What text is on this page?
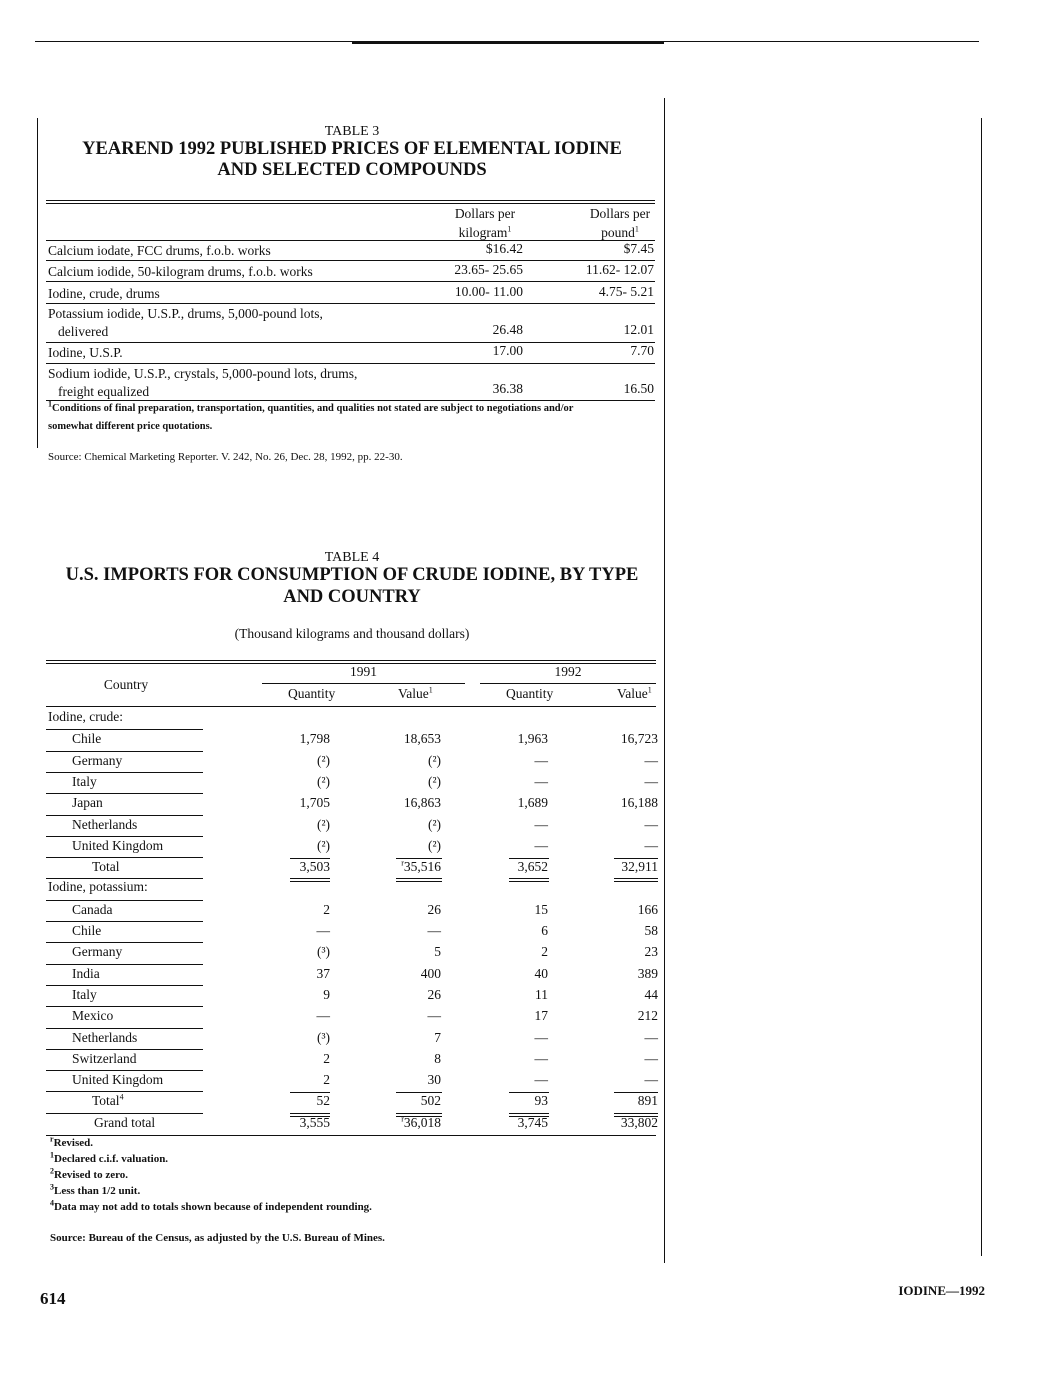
TABLE 3
YEAREND 1992 PUBLISHED PRICES OF ELEMENTAL IODINE
AND SELECTED COMPOUNDS
Dollars per
kilogram$^1$
Dollars per
pound$^1$
Calcium iodate, FCC drums, f.o.b. works	$16.42	$7.45
Calcium iodide, 50-kilogram drums, f.o.b. works	23.65- 25.65	11.62- 12.07
Iodine, crude, drums	10.00- 11.00	4.75- 5.21
Potassium iodide, U.S.P., drums, 5,000-pound lots,
delivered	26.48	12.01
Iodine, U.S.P.	17.00	7.70
Sodium iodide, U.S.P., crystals, 5,000-pound lots, drums,
freight equalized	36.38	16.50
$^1$Conditions of final preparation, transportation, quantities, and qualities not stated are subject to negotiations and/or
somewhat different price quotations.
Source: Chemical Marketing Reporter. V. 242, No. 26, Dec. 28, 1992, pp. 22-30.
TABLE 4
U.S. IMPORTS FOR CONSUMPTION OF CRUDE IODINE, BY TYPE
AND COUNTRY
(Thousand kilograms and thousand dollars)
Country
1991	1992
Quantity	Value$^1$	Quantity	Value$^1$
Iodine, crude:
Chile	1,798	18,653	1,963	16,723
Germany	(²)	(²)	—	—
Italy	(²)	(²)	—	—
Japan	1,705	16,863	1,689	16,188
Netherlands	(²)	(²)	—	—
United Kingdom	(²)	(²)	—	—
Total	3,503	$^r$35,516	3,652	32,911
Iodine, potassium:
Canada	2	26	15	166
Chile	—	—	6	58
Germany	(³)	5	2	23
India	37	400	40	389
Italy	9	26	11	44
Mexico	—	—	17	212
Netherlands	(³)	7	—	—
Switzerland	2	8	—	—
United Kingdom	2	30	—	—
Total$^4$	52	502	93	891
Grand total	3,555	$^r$36,018	3,745	33,802
$^r$Revised.
$^1$Declared c.i.f. valuation.
$^2$Revised to zero.
$^3$Less than 1/2 unit.
$^4$Data may not add to totals shown because of independent rounding.
Source: Bureau of the Census, as adjusted by the U.S. Bureau of Mines.
614	IODINE—1992
